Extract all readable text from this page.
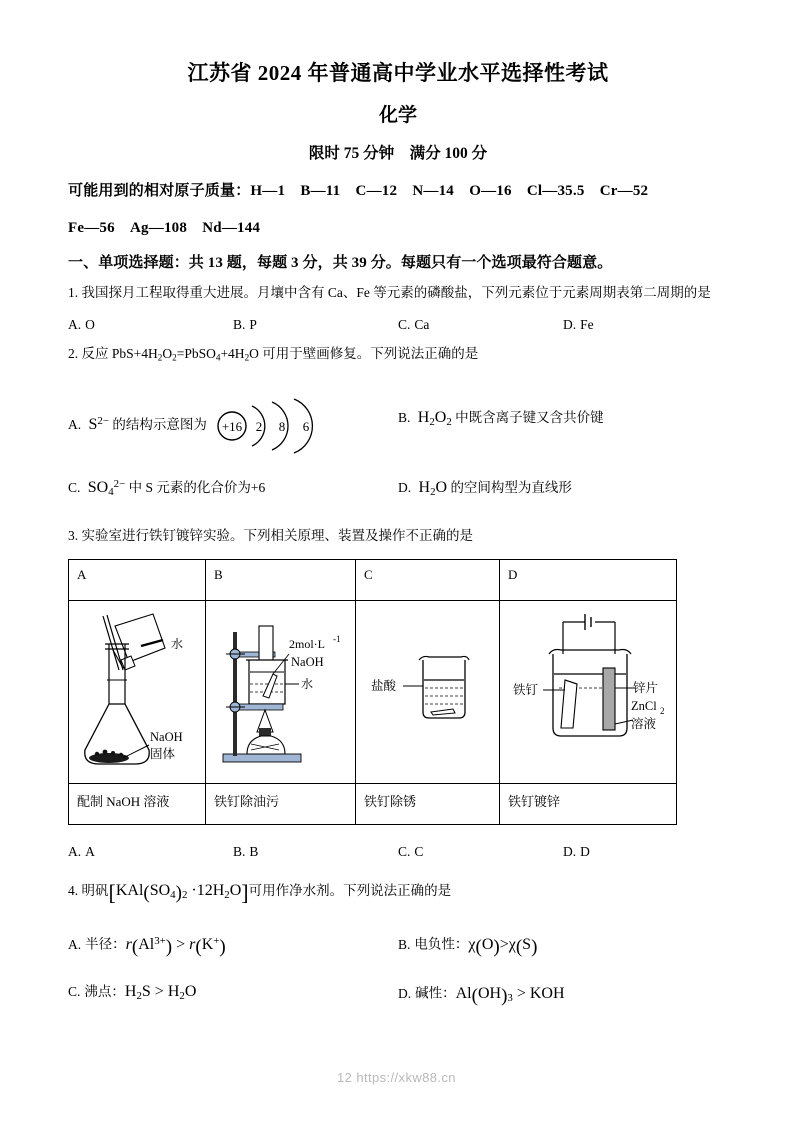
江苏省 2024 年普通高中学业水平选择性考试
化学
限时 75 分钟　满分 100 分
可能用到的相对原子质量：H—1　B—11　C—12　N—14　O—16　Cl—35.5　Cr—52
Fe—56　Ag—108　Nd—144
一、单项选择题：共 13 题，每题 3 分，共 39 分。每题只有一个选项最符合题意。
1. 我国探月工程取得重大进展。月壤中含有 Ca、Fe 等元素的磷酸盐，下列元素位于元素周期表第二周期的是
A. O	B. P	C. Ca	D. Fe
2. 反应 $PbS+4H_2O_2=PbSO_4+4H_2O$ 可用于壁画修复。下列说法正确的是
A. $S^{2-}$ 的结构示意图为 +16 2 8 6
B. $H_2O_2$ 中既含离子键又含共价键
C. $SO_4^{2-}$ 中 S 元素的化合价为+6	D. $H_2O$ 的空间构型为直线形
3. 实验室进行铁钉镀锌实验。下列相关原理、装置及操作不正确的是
A	B	C	D

水
NaOH
固体	2mol·L -1
NaOH
水	盐酸	铁钉 锌片
ZnCl 2
溶液

配制 NaOH 溶液	铁钉除油污	铁钉除锈	铁钉镀锌
A. A	B. B	C. C	D. D
4. 明矾$[KAl(SO_4)_2 \cdot 12H_2O]$可用作净水剂。下列说法正确的是
A. 半径：$r(Al^{3+}) > r(K^+)$	B. 电负性：χ(O)>χ(S)
C. 沸点：$H_2S > H_2O$	D. 碱性：$Al(OH)_3$ > KOH
12 https://xkw88.cn
